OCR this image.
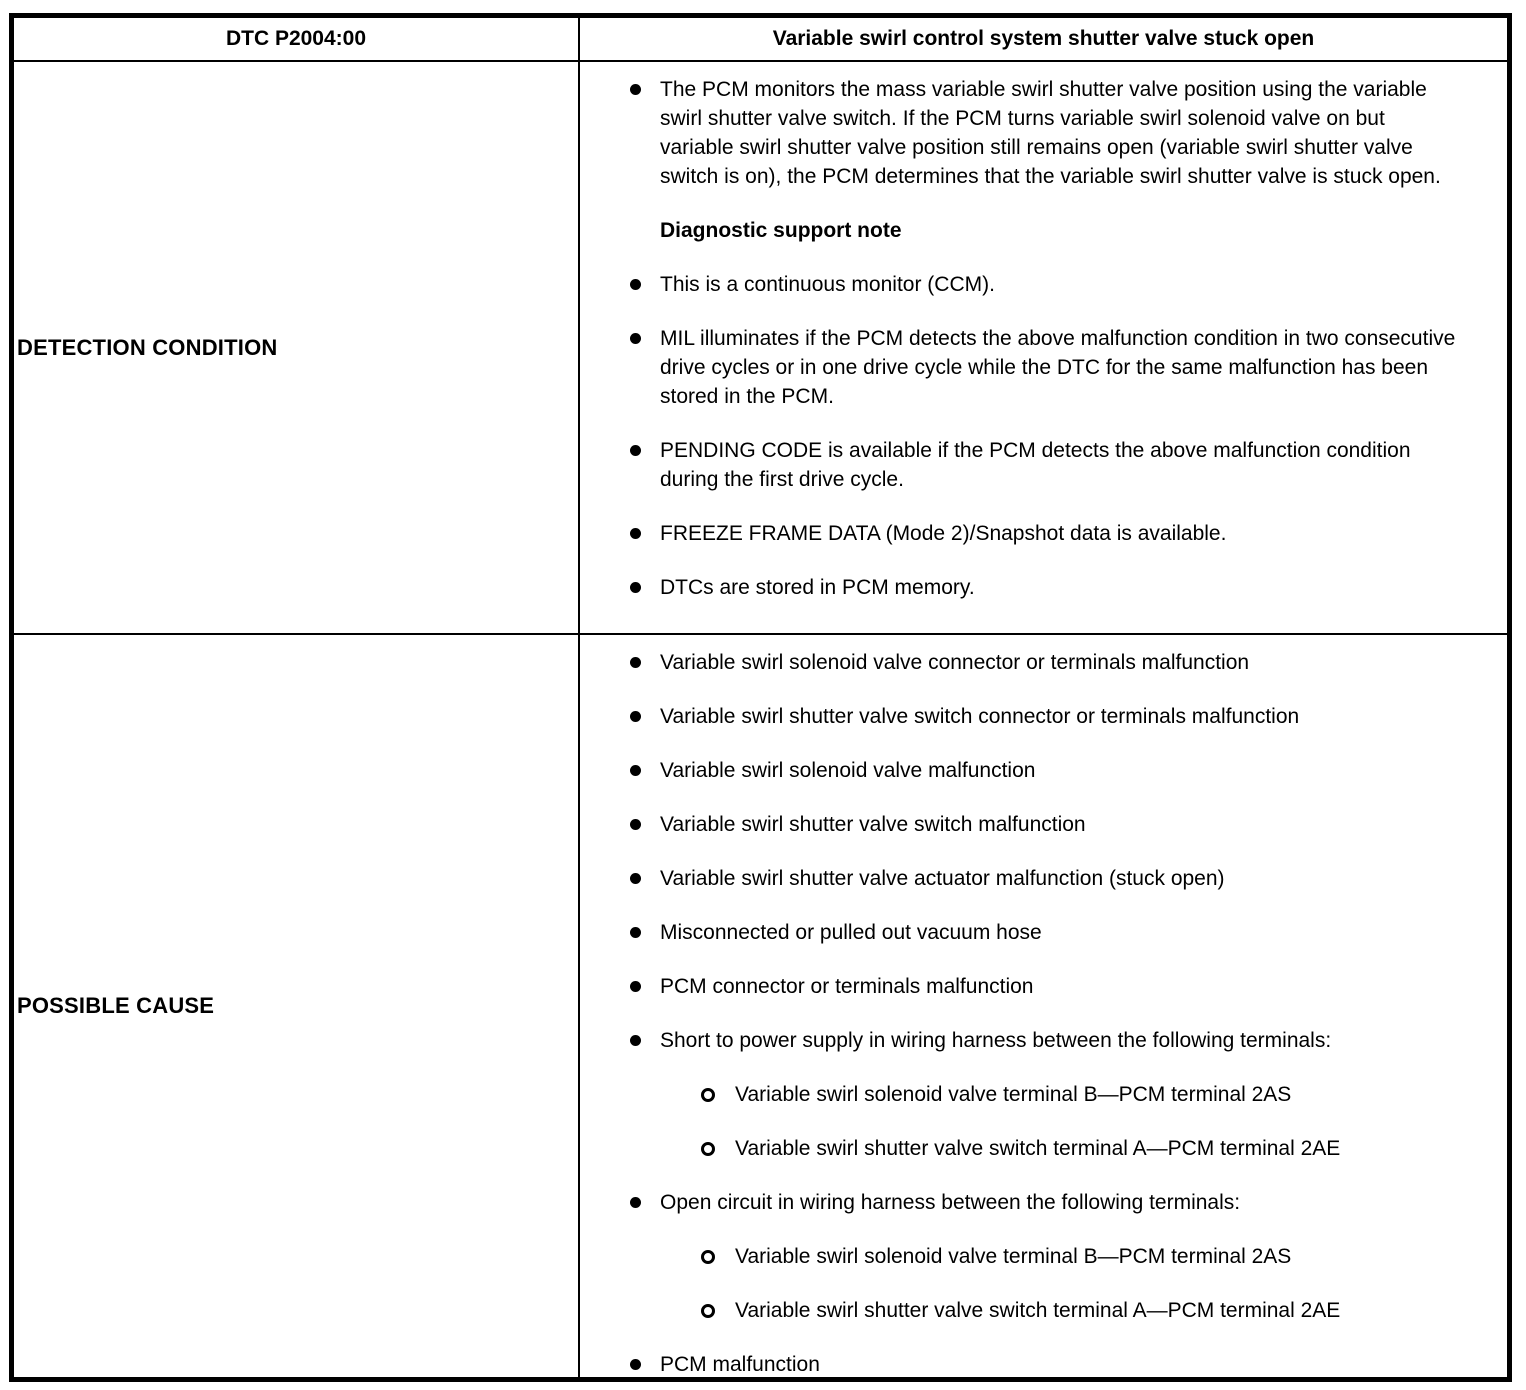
DTC P2004:00	Variable swirl control system shutter valve stuck open
DETECTION CONDITION
The PCM monitors the mass variable swirl shutter valve position using the variable swirl shutter valve switch. If the PCM turns variable swirl solenoid valve on but variable swirl shutter valve position still remains open (variable swirl shutter valve switch is on), the PCM determines that the variable swirl shutter valve is stuck open.
Diagnostic support note
This is a continuous monitor (CCM).
MIL illuminates if the PCM detects the above malfunction condition in two consecutive drive cycles or in one drive cycle while the DTC for the same malfunction has been stored in the PCM.
PENDING CODE is available if the PCM detects the above malfunction condition during the first drive cycle.
FREEZE FRAME DATA (Mode 2)/Snapshot data is available.
DTCs are stored in PCM memory.
POSSIBLE CAUSE
Variable swirl solenoid valve connector or terminals malfunction
Variable swirl shutter valve switch connector or terminals malfunction
Variable swirl solenoid valve malfunction
Variable swirl shutter valve switch malfunction
Variable swirl shutter valve actuator malfunction (stuck open)
Misconnected or pulled out vacuum hose
PCM connector or terminals malfunction
Short to power supply in wiring harness between the following terminals:
Variable swirl solenoid valve terminal B—PCM terminal 2AS
Variable swirl shutter valve switch terminal A—PCM terminal 2AE
Open circuit in wiring harness between the following terminals:
Variable swirl solenoid valve terminal B—PCM terminal 2AS
Variable swirl shutter valve switch terminal A—PCM terminal 2AE
PCM malfunction
